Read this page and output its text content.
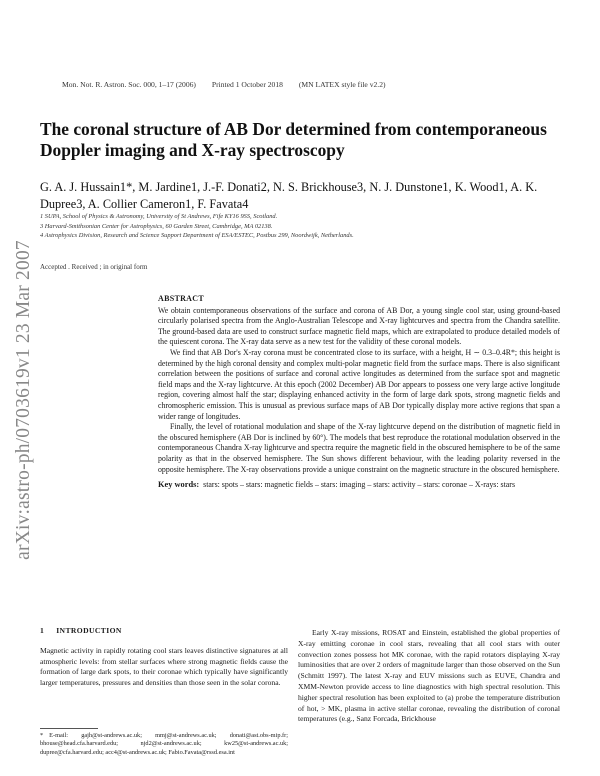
arXiv:astro-ph/0703619v1 23 Mar 2007
Mon. Not. R. Astron. Soc. 000, 1–17 (2006) Printed 1 October 2018 (MN LATEX style file v2.2)
The coronal structure of AB Dor determined from contemporaneous Doppler imaging and X-ray spectroscopy

G. A. J. Hussain1*, M. Jardine1, J.-F. Donati2, N. S. Brickhouse3, N. J. Dunstone1, K. Wood1, A. K. Dupree3, A. Collier Cameron1, F. Favata4

1 SUPA, School of Physics & Astronomy, University of St Andrews, Fife KY16 9SS, Scotland.
3 Harvard-Smithsonian Center for Astrophysics, 60 Garden Street, Cambridge, MA 02138.
4 Astrophysics Division, Research and Science Support Department of ESA/ESTEC, Postbus 299, Noordwijk, Netherlands.
Accepted . Received ; in original form
ABSTRACT

We obtain contemporaneous observations of the surface and corona of AB Dor, a young single cool star, using ground-based circularly polarised spectra from the Anglo-Australian Telescope and X-ray lightcurves and spectra from the Chandra satellite. The ground-based data are used to construct surface magnetic field maps, which are extrapolated to produce detailed models of the quiescent corona. The X-ray data serve as a new test for the validity of these coronal models.

We find that AB Dor's X-ray corona must be concentrated close to its surface, with a height, H ∼ 0.3–0.4R*; this height is determined by the high coronal density and complex multi-polar magnetic field from the surface maps. There is also significant correlation between the positions of surface and coronal active longitudes as determined from the surface spot and magnetic field maps and the X-ray lightcurve. At this epoch (2002 December) AB Dor appears to possess one very large active longitude region, covering almost half the star; displaying enhanced activity in the form of large dark spots, strong magnetic fields and chromospheric emission. This is unusual as previous surface maps of AB Dor typically display more active regions that span a wider range of longitudes.

Finally, the level of rotational modulation and shape of the X-ray lightcurve depend on the distribution of magnetic field in the obscured hemisphere (AB Dor is inclined by 60°). The models that best reproduce the rotational modulation observed in the contemporaneous Chandra X-ray lightcurve and spectra require the magnetic field in the obscured hemisphere to be of the same polarity as that in the observed hemisphere. The Sun shows different behaviour, with the leading polarity reversed in the opposite hemisphere. The X-ray observations provide a unique constraint on the magnetic structure in the obscured hemisphere.

Key words: stars: spots – stars: magnetic fields – stars: imaging – stars: activity – stars: coronae – X-rays: stars
1 INTRODUCTION

Magnetic activity in rapidly rotating cool stars leaves distinctive signatures at all atmospheric levels: from stellar surfaces where strong magnetic fields cause the formation of large dark spots, to their coronae which typically have significantly larger temperatures, pressures and densities than those seen in the solar corona.

Early X-ray missions, ROSAT and Einstein, established the global properties of X-ray emitting coronae in cool stars, revealing that all cool stars with outer convection zones possess hot MK coronae, with the rapid rotators displaying X-ray luminosities that are over 2 orders of magnitude larger than those observed on the Sun (Schmitt 1997). The latest X-ray and EUV missions such as EUVE, Chandra and XMM-Newton provide access to line diagnostics with high spectral resolution. This higher spectral resolution has been exploited to (a) probe the temperature distribution of hot, > MK, plasma in active stellar coronae, revealing the distribution of coronal temperatures (e.g., Sanz Forcada, Brickhouse

* E-mail: gajh@st-andrews.ac.uk; mmj@st-andrews.ac.uk; donati@ast.obs-mip.fr; bhouse@head.cfa.harvard.edu; njd2@st-andrews.ac.uk; kw25@st-andrews.ac.uk; dupree@cfa.harvard.edu; acc4@st-andrews.ac.uk; Fabio.Favata@rssd.esa.int
